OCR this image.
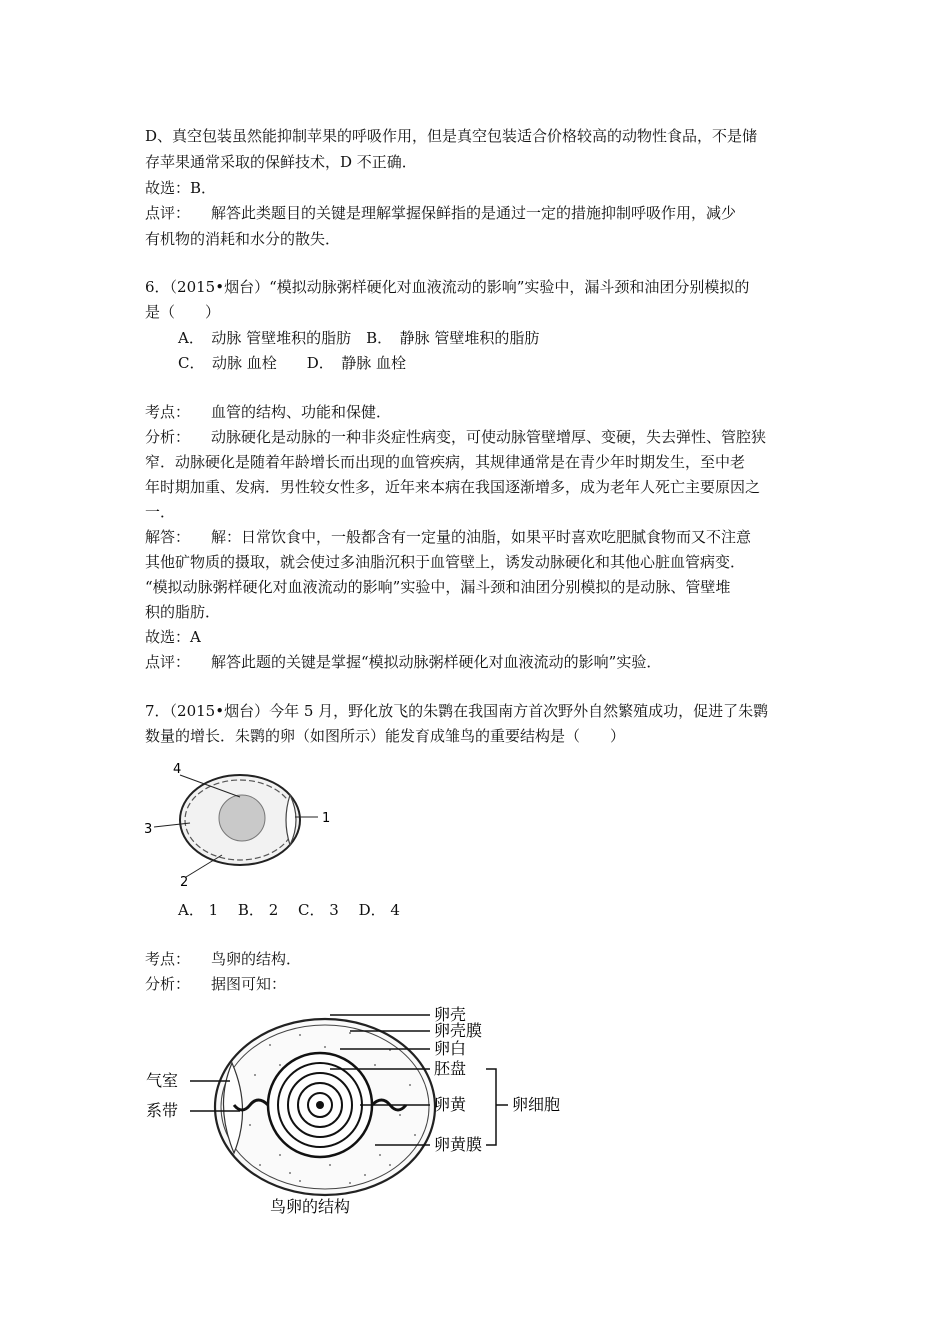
D、真空包装虽然能抑制苹果的呼吸作用，但是真空包装适合价格较高的动物性食品，不是储
存苹果通常采取的保鲜技术，D 不正确．
故选：B．
点评： 解答此类题目的关键是理解掌握保鲜指的是通过一定的措施抑制呼吸作用，减少
有机物的消耗和水分的散失．
6．（2015•烟台）“模拟动脉粥样硬化对血液流动的影响”实验中，漏斗颈和油团分别模拟的
是（　　）
A．　动脉 管壁堆积的脂肪　B．　静脉 管壁堆积的脂肪
C．　动脉 血栓　　D．　静脉 血栓
考点： 血管的结构、功能和保健．
分析： 动脉硬化是动脉的一种非炎症性病变，可使动脉管壁增厚、变硬，失去弹性、管腔狭
窄．动脉硬化是随着年龄增长而出现的血管疾病，其规律通常是在青少年时期发生，至中老
年时期加重、发病．男性较女性多，近年来本病在我国逐渐增多，成为老年人死亡主要原因之
一．
解答： 解：日常饮食中，一般都含有一定量的油脂，如果平时喜欢吃肥腻食物而又不注意
其他矿物质的摄取，就会使过多油脂沉积于血管壁上，诱发动脉硬化和其他心脏血管病变．
“模拟动脉粥样硬化对血液流动的影响”实验中，漏斗颈和油团分别模拟的是动脉、管壁堆
积的脂肪．
故选：A
点评： 解答此题的关键是掌握“模拟动脉粥样硬化对血液流动的影响”实验．
7．（2015•烟台）今年 5 月，野化放飞的朱鹮在我国南方首次野外自然繁殖成功，促进了朱鹮
数量的增长．朱鹮的卵（如图所示）能发育成雏鸟的重要结构是（　　）
4
3
2
1
A． 1　 B． 2　 C． 3　 D． 4
考点： 鸟卵的结构．
分析： 据图可知：
卵壳
卵壳膜
卵白
胚盘
卵黄
卵黄膜
卵细胞
气室
系带
鸟卵的结构
